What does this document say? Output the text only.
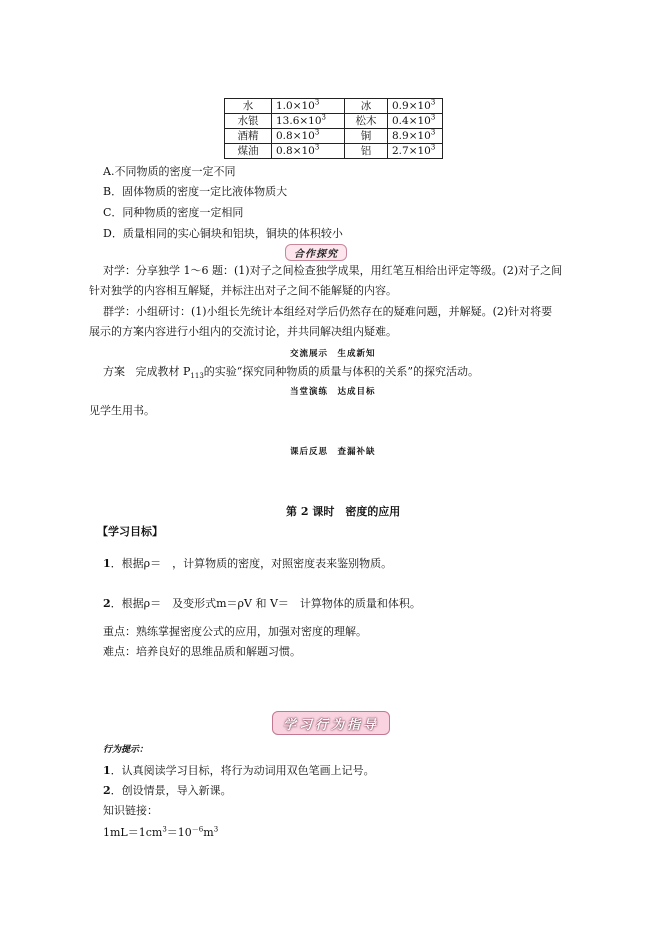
水	$1.0\times 10^3$	冰	$0.9\times 10^3$
水银	$13.6\times 10^3$	松木	$0.4\times 10^3$
酒精	$0.8\times 10^3$	铜	$8.9\times 10^3$
煤油	$0.8\times 10^3$	铝	$2.7\times 10^3$
A.不同物质的密度一定不同
B．固体物质的密度一定比液体物质大
C．同种物质的密度一定相同
D．质量相同的实心铜块和铝块，铜块的体积较小
合作探究
对学：分享独学 1～6 题：(1)对子之间检查独学成果，用红笔互相给出评定等级。(2)对子之间
针对独学的内容相互解疑，并标注出对子之间不能解疑的内容。
群学：小组研讨：(1)小组长先统计本组经对学后仍然存在的疑难问题，并解疑。(2)针对将要
展示的方案内容进行小组内的交流讨论，并共同解决组内疑难。
交流展示　生成新知
方案 完成教材 $P_{113}$的实验“探究同种物质的质量与体积的关系”的探究活动。
当堂演练　达成目标
见学生用书。
课后反思　查漏补缺
第 2 课时　密度的应用
【学习目标】
1．根据ρ＝　，计算物质的密度，对照密度表来鉴别物质。
2．根据ρ＝　及变形式m＝ρV 和 V＝　计算物体的质量和体积。
重点：熟练掌握密度公式的应用，加强对密度的理解。
难点：培养良好的思维品质和解题习惯。
学习行为指导
行为提示：
1．认真阅读学习目标，将行为动词用双色笔画上记号。
2．创设情景，导入新课。
知识链接：
$1mL=1cm^3=10^{-6}m^3$
